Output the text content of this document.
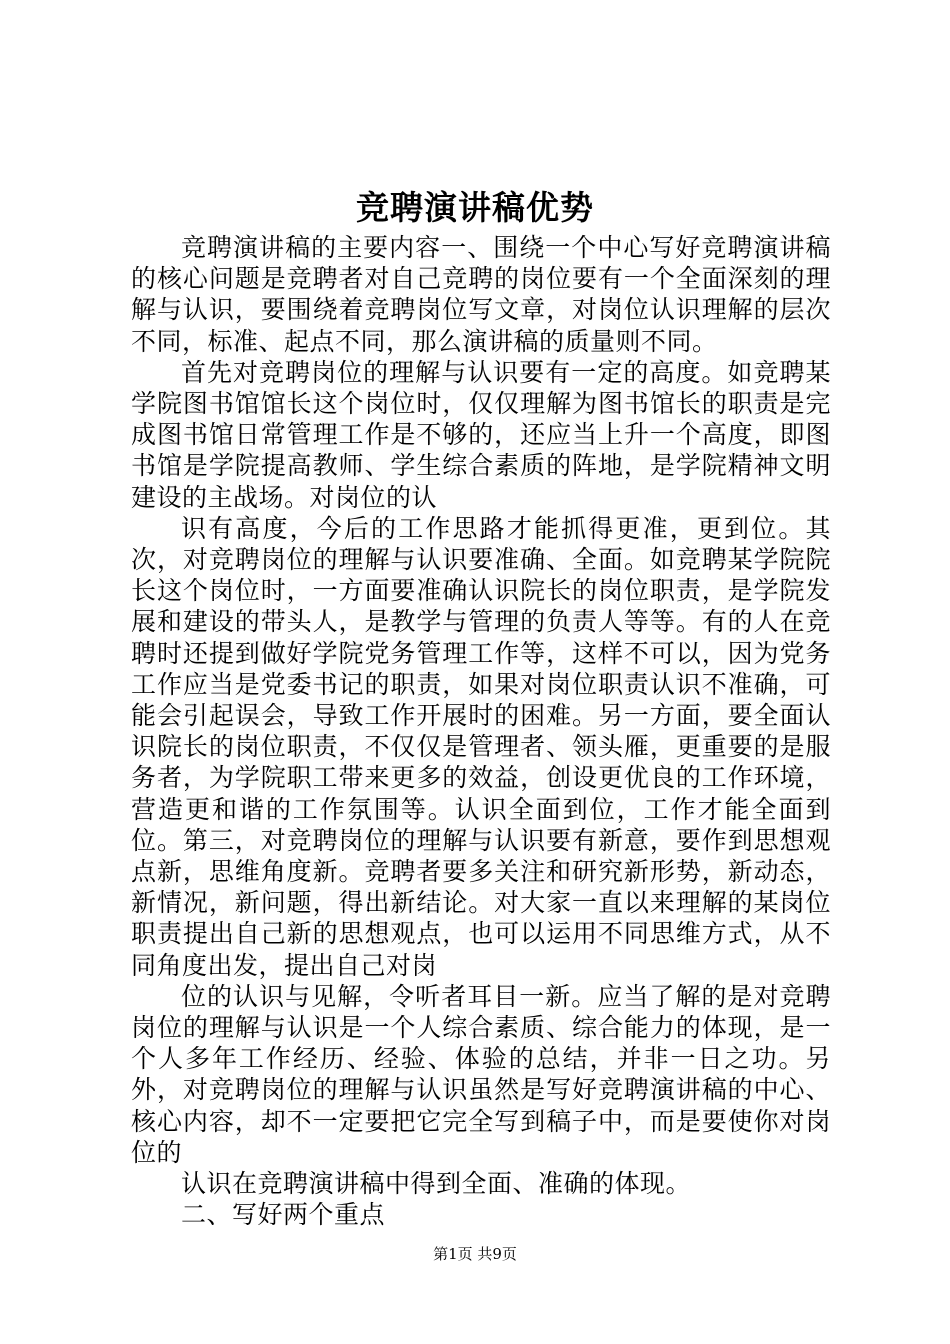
竞聘演讲稿优势

竞聘演讲稿的主要内容一、围绕一个中心写好竞聘演讲稿的核心问题是竞聘者对自己竞聘的岗位要有一个全面深刻的理解与认识，要围绕着竞聘岗位写文章，对岗位认识理解的层次不同，标准、起点不同，那么演讲稿的质量则不同。

首先对竞聘岗位的理解与认识要有一定的高度。如竞聘某学院图书馆馆长这个岗位时，仅仅理解为图书馆长的职责是完成图书馆日常管理工作是不够的，还应当上升一个高度，即图书馆是学院提高教师、学生综合素质的阵地，是学院精神文明建设的主战场。对岗位的认

识有高度，今后的工作思路才能抓得更准，更到位。其次，对竞聘岗位的理解与认识要准确、全面。如竞聘某学院院长这个岗位时，一方面要准确认识院长的岗位职责，是学院发展和建设的带头人，是教学与管理的负责人等等。有的人在竞聘时还提到做好学院党务管理工作等，这样不可以，因为党务工作应当是党委书记的职责，如果对岗位职责认识不准确，可能会引起误会，导致工作开展时的困难。另一方面，要全面认识院长的岗位职责，不仅仅是管理者、领头雁，更重要的是服务者，为学院职工带来更多的效益，创设更优良的工作环境，营造更和谐的工作氛围等。认识全面到位，工作才能全面到位。第三，对竞聘岗位的理解与认识要有新意，要作到思想观点新，思维角度新。竞聘者要多关注和研究新形势，新动态，新情况，新问题，得出新结论。对大家一直以来理解的某岗位职责提出自己新的思想观点，也可以运用不同思维方式，从不同角度出发，提出自己对岗

位的认识与见解，令听者耳目一新。应当了解的是对竞聘岗位的理解与认识是一个人综合素质、综合能力的体现，是一个人多年工作经历、经验、体验的总结，并非一日之功。另外，对竞聘岗位的理解与认识虽然是写好竞聘演讲稿的中心、核心内容，却不一定要把它完全写到稿子中，而是要使你对岗位的

认识在竞聘演讲稿中得到全面、准确的体现。

二、写好两个重点

第1页 共9页
